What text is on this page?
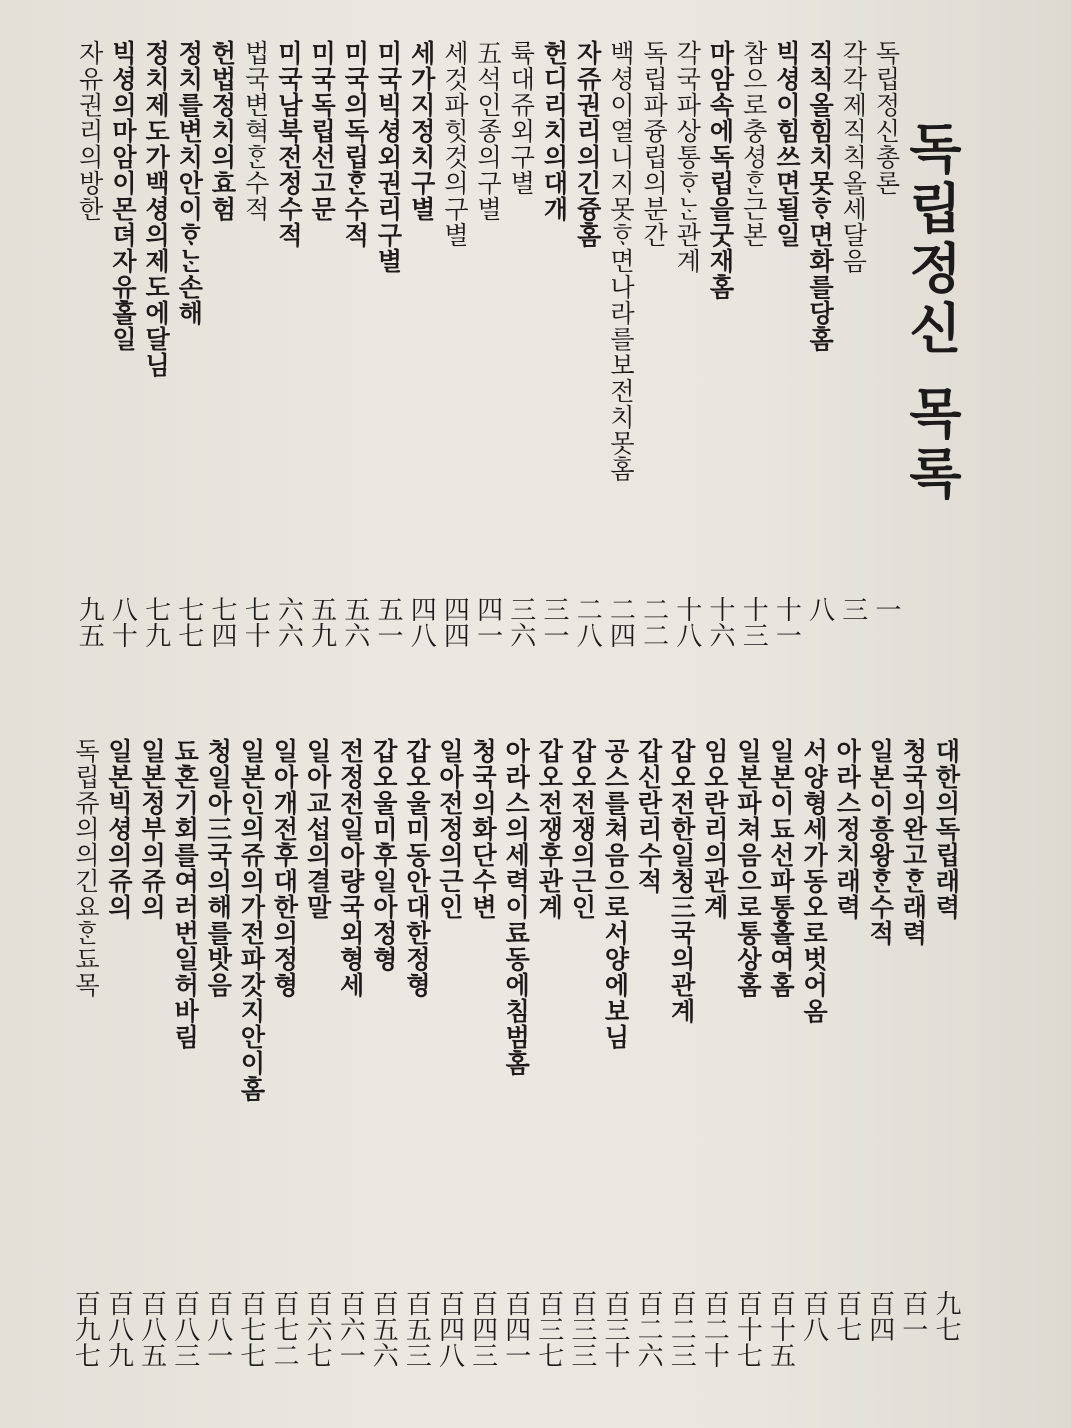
독립정신 목록
독립정신총론
一
각각제직칙올세달음
三
직칙올힘치못ᄒᆞ면화를당홈
八
빅셩이힘쓰면될일
十一
참으로충셩ᄒᆞᆫ근본
十三
마암속에독립을굿재홈
十六
각국파상통ᄒᆞᄂᆞᆫ관계
十八
독립파즁립의분간
二二
백셩이열니지못ᄒᆞ면나라를보전치못홈
二四
자쥬권리의긴즁홈
二八
헌디리치의대개
三一
륙대쥬외구별
三六
五석인종의구별
四一
세것파힛것의구별
四四
세가지정치구별
四八
미국빅셩외권리구별
五一
미국의독립ᄒᆞᆫ수적
五六
미국독립선고문
五九
미국남북전정수적
六六
법국변혁ᄒᆞᆫ수적
七十
헌법정치의효험
七四
정치를변치안이ᄒᆞᄂᆞᆫ손해
七七
정치제도가백셩의제도에달님
七九
빅셩의마암이몬뎌자유홀일
八十
자유권리의방한
九五
대한의독립래력
九七
청국의완고ᄒᆞᆫ래력
百一
일본이흥왕ᄒᆞᆫ수적
百四
아라스정치래력
百七
서양형세가동오로벗어옴
百八
일본이됴선파통홀여홈
百十五
일본파쳐음으로통상홈
百十七
임오란리의관계
百二十
갑오전한일청三국의관계
百二三
갑신란리수적
百二六
공스를쳐음으로서양에보님
百三十
갑오전쟁의근인
百三三
갑오전쟁후관계
百三七
아라스의세력이료동에침범홈
百四一
청국의화단수변
百四三
일아전정의근인
百四八
갑오울미동안대한정형
百五三
갑오울미후일아정형
百五六
전정전일아량국외형세
百六一
일아교섭의결말
百六七
일아개전후대한의정형
百七二
일본인의쥬의가전파갓지안이홈
百七七
청일아三국의해를밧음
百八一
됴혼기회를여러번일허바림
百八三
일본정부의쥬의
百八五
일본빅셩의쥬의
百八九
독립쥬의의긴요ᄒᆞᆫ됴목
百九七
